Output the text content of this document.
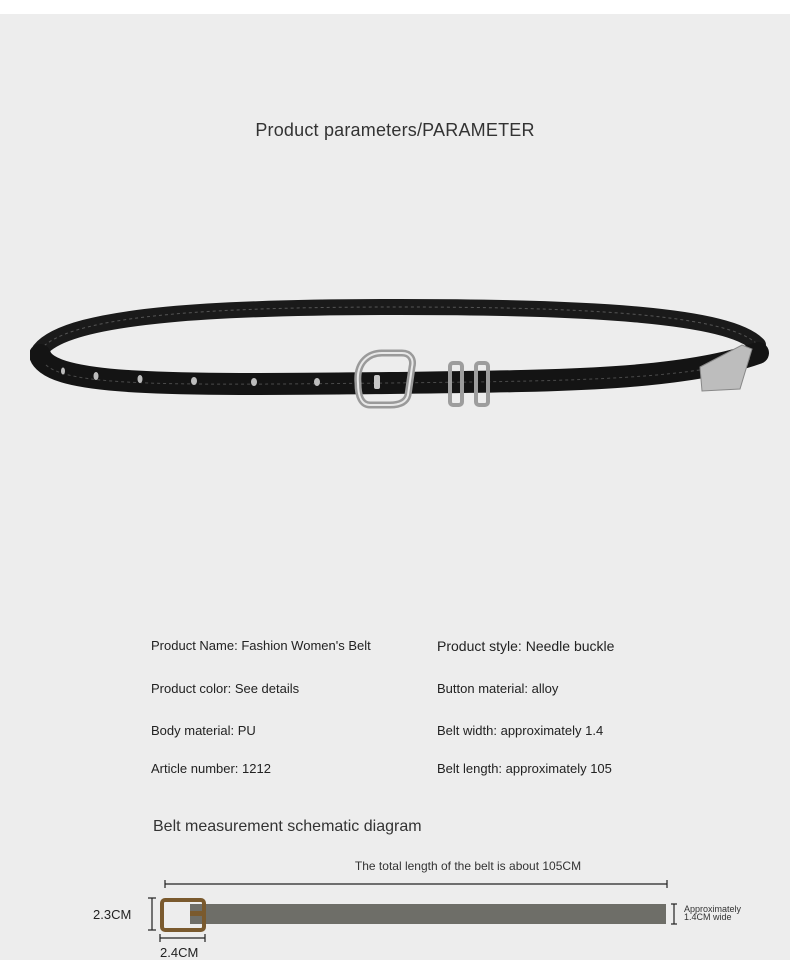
Product parameters/PARAMETER
Product Name: Fashion Women's Belt	Product style: Needle buckle
Product color: See details	Button material: alloy
Body material: PU	Belt width: approximately 1.4
Article number: 1212	Belt length: approximately 105
Belt measurement schematic diagram
The total length of the belt is about 105CM
2.3CM
2.4CM
Approximately 1.4CM wide
